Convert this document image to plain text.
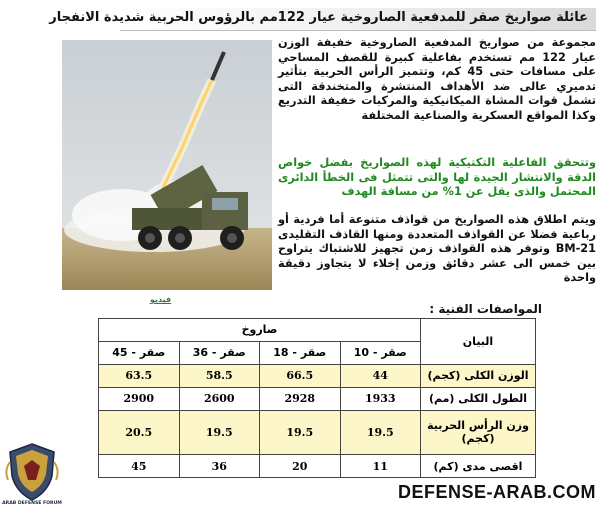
عائلة صواريخ صقر للمدفعية الصاروخية عيار 122مم بالرؤوس الحربية شديدة الانفجار
فيديو
مجموعة من صواريخ المدفعية الصاروخية خفيفة الوزن عيار 122 مم تستخدم بفاعلية كبيرة للقصف المساحي على مسافات حتى 45 كم، وتتميز الرأس الحربية بتأثير تدميري عالى ضد الأهداف المنتشرة والمتخندقة التى تشمل قوات المشاة الميكانيكية والمركبات خفيفة التدريع وكذا المواقع العسكرية والصناعية المختلفة
وتتحقق الفاعلية التكتيكية لهذه الصواريخ بفضل خواص الدقة والانتشار الجيدة لها والتى تتمثل فى الخطأ الدائرى المحتمل والذى يقل عن 1% من مسافة الهدف
ويتم اطلاق هذه الصواريخ من قواذف متنوعة أما فردية أو رباعية فضلا عن القواذف المتعددة ومنها القاذف التقليدى BM-21 وتوفر هذه القواذف زمن تجهيز للاشتباك يتراوح بين خمس الى عشر دقائق وزمن إخلاء لا يتجاوز دقيقة واحدة
المواصفات الفنية :
البيان	صاروخ			
	صقر - 10	صقر - 18	صقر - 36	صقر - 45
الوزن الكلى (كجم)	44	66.5	58.5	63.5
الطول الكلى (مم)	1933	2928	2600	2900
وزن الرأس الحربية (كجم)	19.5	19.5	19.5	20.5
اقصى مدى (كم)	11	20	36	45
ARAB DEFENSE FORUM
DEFENSE-ARAB.COM
